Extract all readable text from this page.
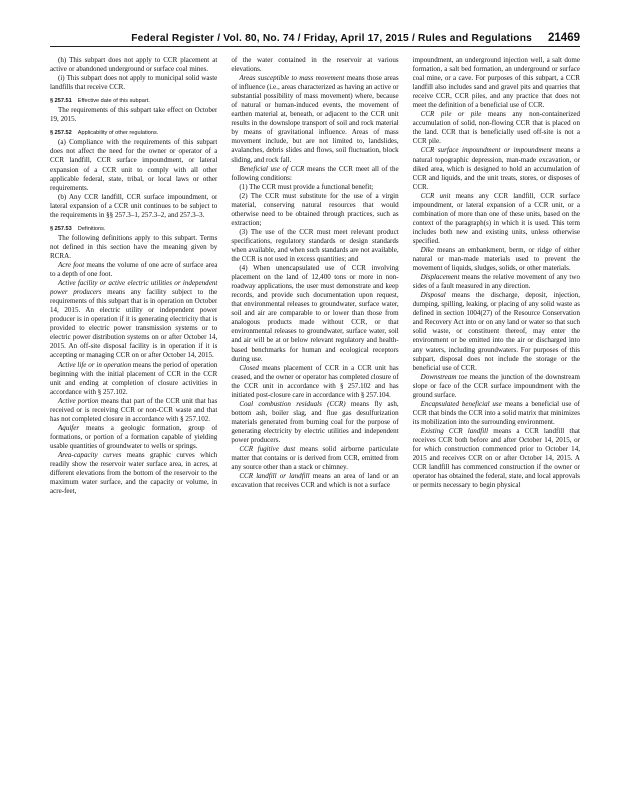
Federal Register / Vol. 80, No. 74 / Friday, April 17, 2015 / Rules and Regulations 21469

(h) This subpart does not apply to CCR placement at active or abandoned underground or surface coal mines.

(i) This subpart does not apply to municipal solid waste landfills that receive CCR.

§ 257.51 Effective date of this subpart.

The requirements of this subpart take effect on October 19, 2015.

§ 257.52 Applicability of other regulations.

(a) Compliance with the requirements of this subpart does not affect the need for the owner or operator of a CCR landfill, CCR surface impoundment, or lateral expansion of a CCR unit to comply with all other applicable federal, state, tribal, or local laws or other requirements.

(b) Any CCR landfill, CCR surface impoundment, or lateral expansion of a CCR unit continues to be subject to the requirements in §§ 257.3–1, 257.3–2, and 257.3–3.

§ 257.53 Definitions.

The following definitions apply to this subpart. Terms not defined in this section have the meaning given by RCRA.

Acre foot means the volume of one acre of surface area to a depth of one foot.

Active facility or active electric utilities or independent power producers means any facility subject to the requirements of this subpart that is in operation on October 14, 2015. An electric utility or independent power producer is in operation if it is generating electricity that is provided to electric power transmission systems or to electric power distribution systems on or after October 14, 2015. An off-site disposal facility is in operation if it is accepting or managing CCR on or after October 14, 2015.

Active life or in operation means the period of operation beginning with the initial placement of CCR in the CCR unit and ending at completion of closure activities in accordance with § 257.102.

Active portion means that part of the CCR unit that has received or is receiving CCR or non-CCR waste and that has not completed closure in accordance with § 257.102.

Aquifer means a geologic formation, group of formations, or portion of a formation capable of yielding usable quantities of groundwater to wells or springs.

Area-capacity curves means graphic curves which readily show the reservoir water surface area, in acres, at different elevations from the bottom of the reservoir to the maximum water surface, and the capacity or volume, in acre-feet,

of the water contained in the reservoir at various elevations.

Areas susceptible to mass movement means those areas of influence (i.e., areas characterized as having an active or substantial possibility of mass movement) where, because of natural or human-induced events, the movement of earthen material at, beneath, or adjacent to the CCR unit results in the downslope transport of soil and rock material by means of gravitational influence. Areas of mass movement include, but are not limited to, landslides, avalanches, debris slides and flows, soil fluctuation, block sliding, and rock fall.

Beneficial use of CCR means the CCR meet all of the following conditions:

(1) The CCR must provide a functional benefit;

(2) The CCR must substitute for the use of a virgin material, conserving natural resources that would otherwise need to be obtained through practices, such as extraction;

(3) The use of the CCR must meet relevant product specifications, regulatory standards or design standards when available, and when such standards are not available, the CCR is not used in excess quantities; and

(4) When unencapsulated use of CCR involving placement on the land of 12,400 tons or more in non-roadway applications, the user must demonstrate and keep records, and provide such documentation upon request, that environmental releases to groundwater, surface water, soil and air are comparable to or lower than those from analogous products made without CCR, or that environmental releases to groundwater, surface water, soil and air will be at or below relevant regulatory and health-based benchmarks for human and ecological receptors during use.

Closed means placement of CCR in a CCR unit has ceased, and the owner or operator has completed closure of the CCR unit in accordance with § 257.102 and has initiated post-closure care in accordance with § 257.104.

Coal combustion residuals (CCR) means fly ash, bottom ash, boiler slag, and flue gas desulfurization materials generated from burning coal for the purpose of generating electricity by electric utilities and independent power producers.

CCR fugitive dust means solid airborne particulate matter that contains or is derived from CCR, emitted from any source other than a stack or chimney.

CCR landfill or landfill means an area of land or an excavation that receives CCR and which is not a surface

impoundment, an underground injection well, a salt dome formation, a salt bed formation, an underground or surface coal mine, or a cave. For purposes of this subpart, a CCR landfill also includes sand and gravel pits and quarries that receive CCR, CCR piles, and any practice that does not meet the definition of a beneficial use of CCR.

CCR pile or pile means any non-containerized accumulation of solid, non-flowing CCR that is placed on the land. CCR that is beneficially used off-site is not a CCR pile.

CCR surface impoundment or impoundment means a natural topographic depression, man-made excavation, or diked area, which is designed to hold an accumulation of CCR and liquids, and the unit treats, stores, or disposes of CCR.

CCR unit means any CCR landfill, CCR surface impoundment, or lateral expansion of a CCR unit, or a combination of more than one of these units, based on the context of the paragraph(s) in which it is used. This term includes both new and existing units, unless otherwise specified.

Dike means an embankment, berm, or ridge of either natural or man-made materials used to prevent the movement of liquids, sludges, solids, or other materials.

Displacement means the relative movement of any two sides of a fault measured in any direction.

Disposal means the discharge, deposit, injection, dumping, spilling, leaking, or placing of any solid waste as defined in section 1004(27) of the Resource Conservation and Recovery Act into or on any land or water so that such solid waste, or constituent thereof, may enter the environment or be emitted into the air or discharged into any waters, including groundwaters. For purposes of this subpart, disposal does not include the storage or the beneficial use of CCR.

Downstream toe means the junction of the downstream slope or face of the CCR surface impoundment with the ground surface.

Encapsulated beneficial use means a beneficial use of CCR that binds the CCR into a solid matrix that minimizes its mobilization into the surrounding environment.

Existing CCR landfill means a CCR landfill that receives CCR both before and after October 14, 2015, or for which construction commenced prior to October 14, 2015 and receives CCR on or after October 14, 2015. A CCR landfill has commenced construction if the owner or operator has obtained the federal, state, and local approvals or permits necessary to begin physical
